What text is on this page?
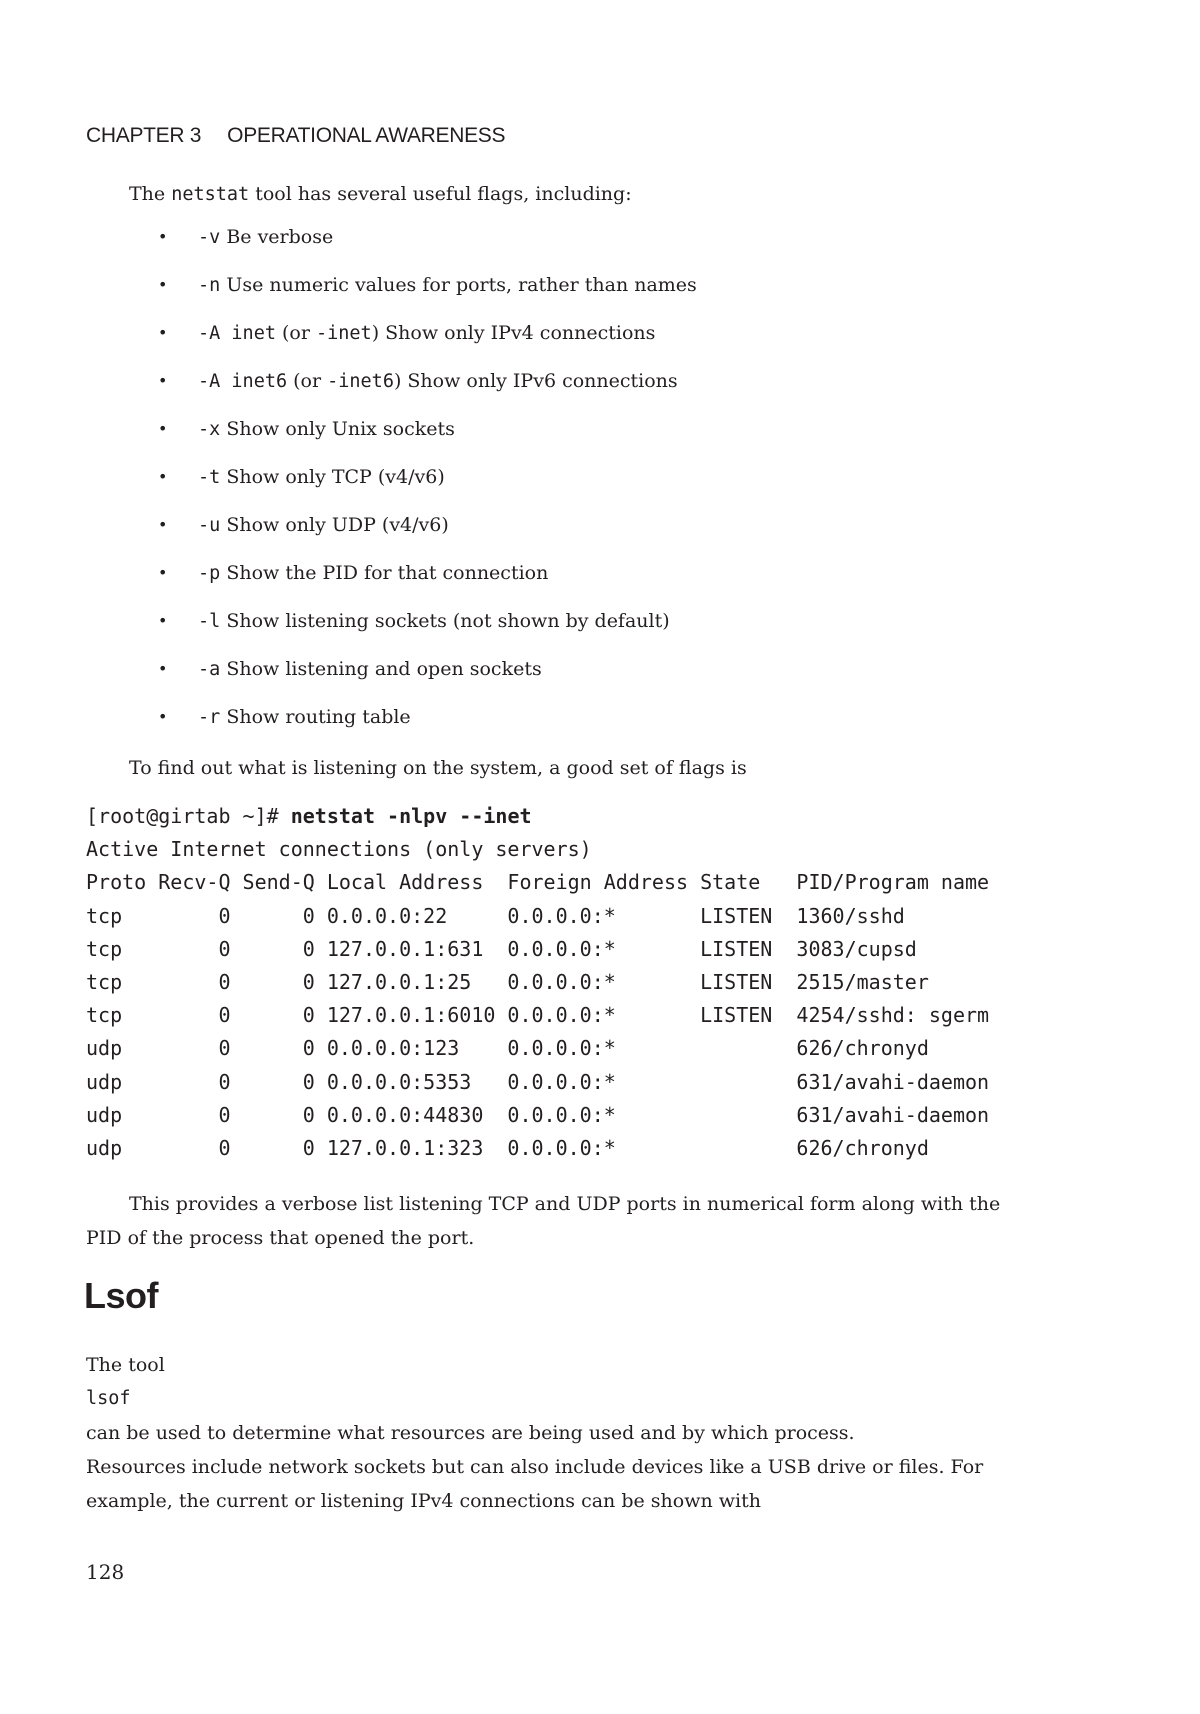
CHAPTER 3 OPERATIONAL AWARENESS
The netstat tool has several useful flags, including:
• -v Be verbose
• -n Use numeric values for ports, rather than names
• -A inet (or -inet) Show only IPv4 connections
• -A inet6 (or -inet6) Show only IPv6 connections
• -x Show only Unix sockets
• -t Show only TCP (v4/v6)
• -u Show only UDP (v4/v6)
• -p Show the PID for that connection
• -l Show listening sockets (not shown by default)
• -a Show listening and open sockets
• -r Show routing table
To find out what is listening on the system, a good set of flags is
[root@girtab ~]# netstat -nlpv --inet
Active Internet connections (only servers)
Proto Recv-Q Send-Q Local Address  Foreign Address State   PID/Program name
tcp        0      0 0.0.0.0:22     0.0.0.0:*       LISTEN  1360/sshd
tcp        0      0 127.0.0.1:631  0.0.0.0:*       LISTEN  3083/cupsd
tcp        0      0 127.0.0.1:25   0.0.0.0:*       LISTEN  2515/master
tcp        0      0 127.0.0.1:6010 0.0.0.0:*       LISTEN  4254/sshd: sgerm
udp        0      0 0.0.0.0:123    0.0.0.0:*               626/chronyd
udp        0      0 0.0.0.0:5353   0.0.0.0:*               631/avahi-daemon
udp        0      0 0.0.0.0:44830  0.0.0.0:*               631/avahi-daemon
udp        0      0 127.0.0.1:323  0.0.0.0:*               626/chronyd
This provides a verbose list listening TCP and UDP ports in numerical form along with the
PID of the process that opened the port.
Lsof
The tool
lsof
can be used to determine what resources are being used and by which process.
Resources include network sockets but can also include devices like a USB drive or files. For
example, the current or listening IPv4 connections can be shown with
128
